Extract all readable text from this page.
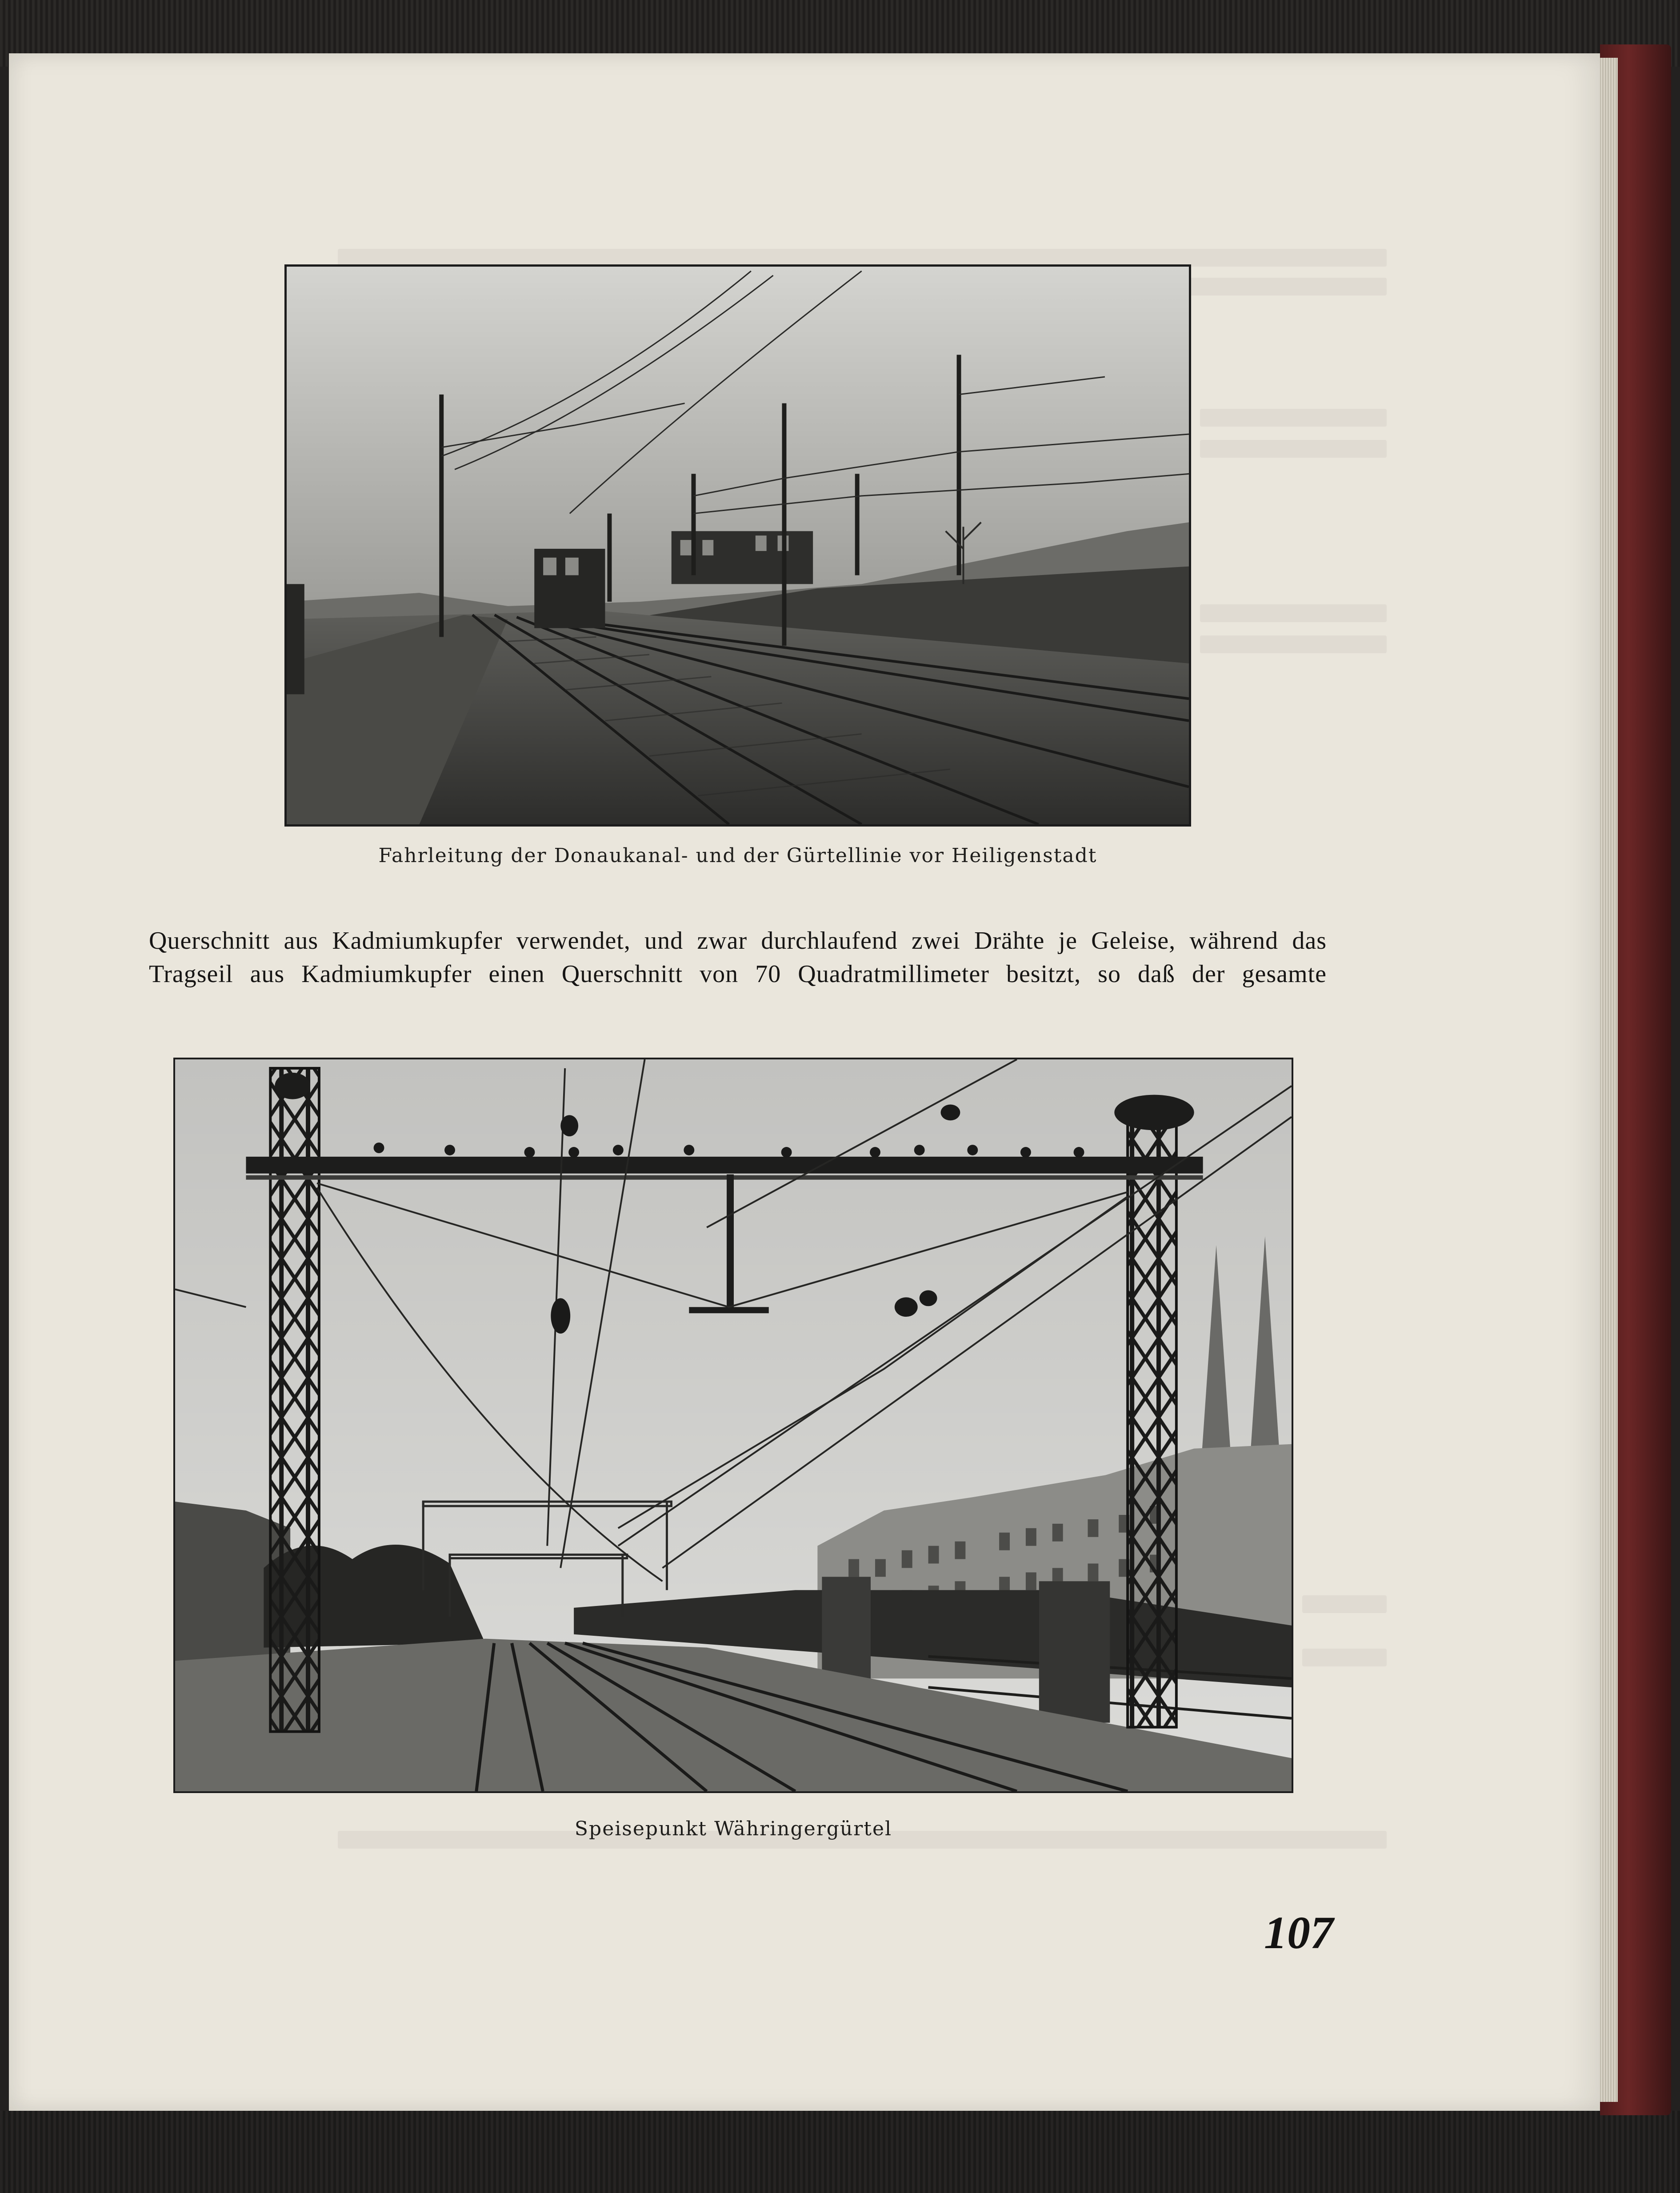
Fahrleitung der Donaukanal- und der Gürtellinie vor Heiligenstadt
Querschnitt aus Kadmiumkupfer verwendet, und zwar durchlaufend zwei Drähte je Geleise, während das
Tragseil aus Kadmiumkupfer einen Querschnitt von 70 Quadratmillimeter besitzt, so daß der gesamte
Speisepunkt Währingergürtel
107
